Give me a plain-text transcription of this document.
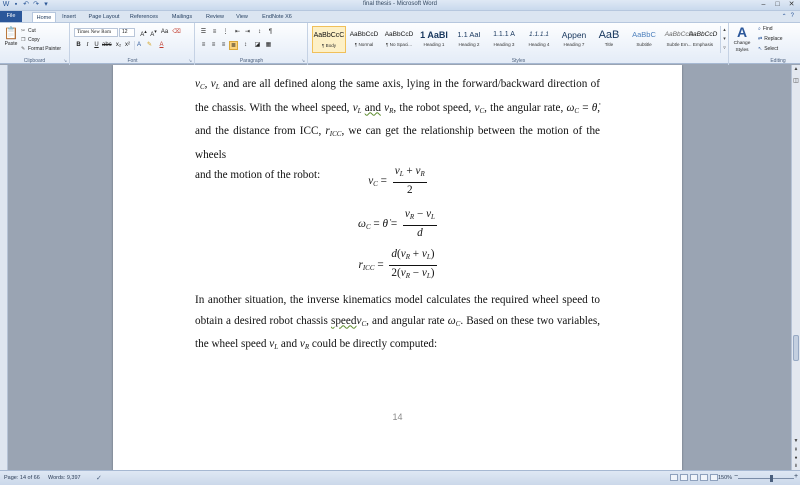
W ▪ ↶ ↷ ▾	final thesis - Microsoft Word	–	□	✕
File	Home	Insert	Page Layout	References	Mailings	Review	View	EndNote X6	⌃ ?
📋
Paste
✂ Cut
❐ Copy
✎ Format Painter
Clipboard	↘
Times New Rom	12	A▴ A▾ Aa ⌫
B I U abc x₂ x²	A ✎	A
Font	↘
☰	≡	⋮	⇤ ⇥	↕	¶
≡	≡	≡ ≣	↕	◪ ▦
Paragraph	↘
AaBbCcC
¶ Body
AaBbCcD
¶ Normal
AaBbCcD
¶ No Spaci...
1 AaBl
Heading 1
1.1 AaI
Heading 2
1.1.1 A
Heading 3
1.1.1.1
Heading 4
Appen
Heading 7
AaB
Title
AaBbC
Subtitle
AaBbCcD
Subtle Em...
AaBbCcD
Emphasis
▴
▾
▿
Styles
A
Change Styles
⌕ Find
⇄ Replace
↖ Select
Editing
$v_C$, $v_L$ and are all defined along the same axis, lying in the forward/backward direction of
the chassis. With the wheel speed, $v_L$ and $v_R$, the robot speed, $v_C$, the angular rate, $\omega_C$ = θ̇,
and the distance from ICC, $r_{ICC}$, we can get the relationship between the motion of the wheels
and the motion of the robot:	$v_C = \frac{v_L + v_R}{2}$
$\omega_C$ = θ̇ = $\frac{v_R - v_L}{d}$
$r_{ICC} = \frac{d(v_R + v_L)}{2(v_R - v_L)}$
In another situation, the inverse kinematics model calculates the required wheel speed to
obtain a desired robot chassis speedv$_C$, and angular rate $\omega_C$. Based on these two variables,
the wheel speed $v_L$ and $v_R$ could be directly computed:
14
▲
◫
▼
⇞
●
⇟
Page: 14 of 66 Words: 9,397 ✓	150% −	+
